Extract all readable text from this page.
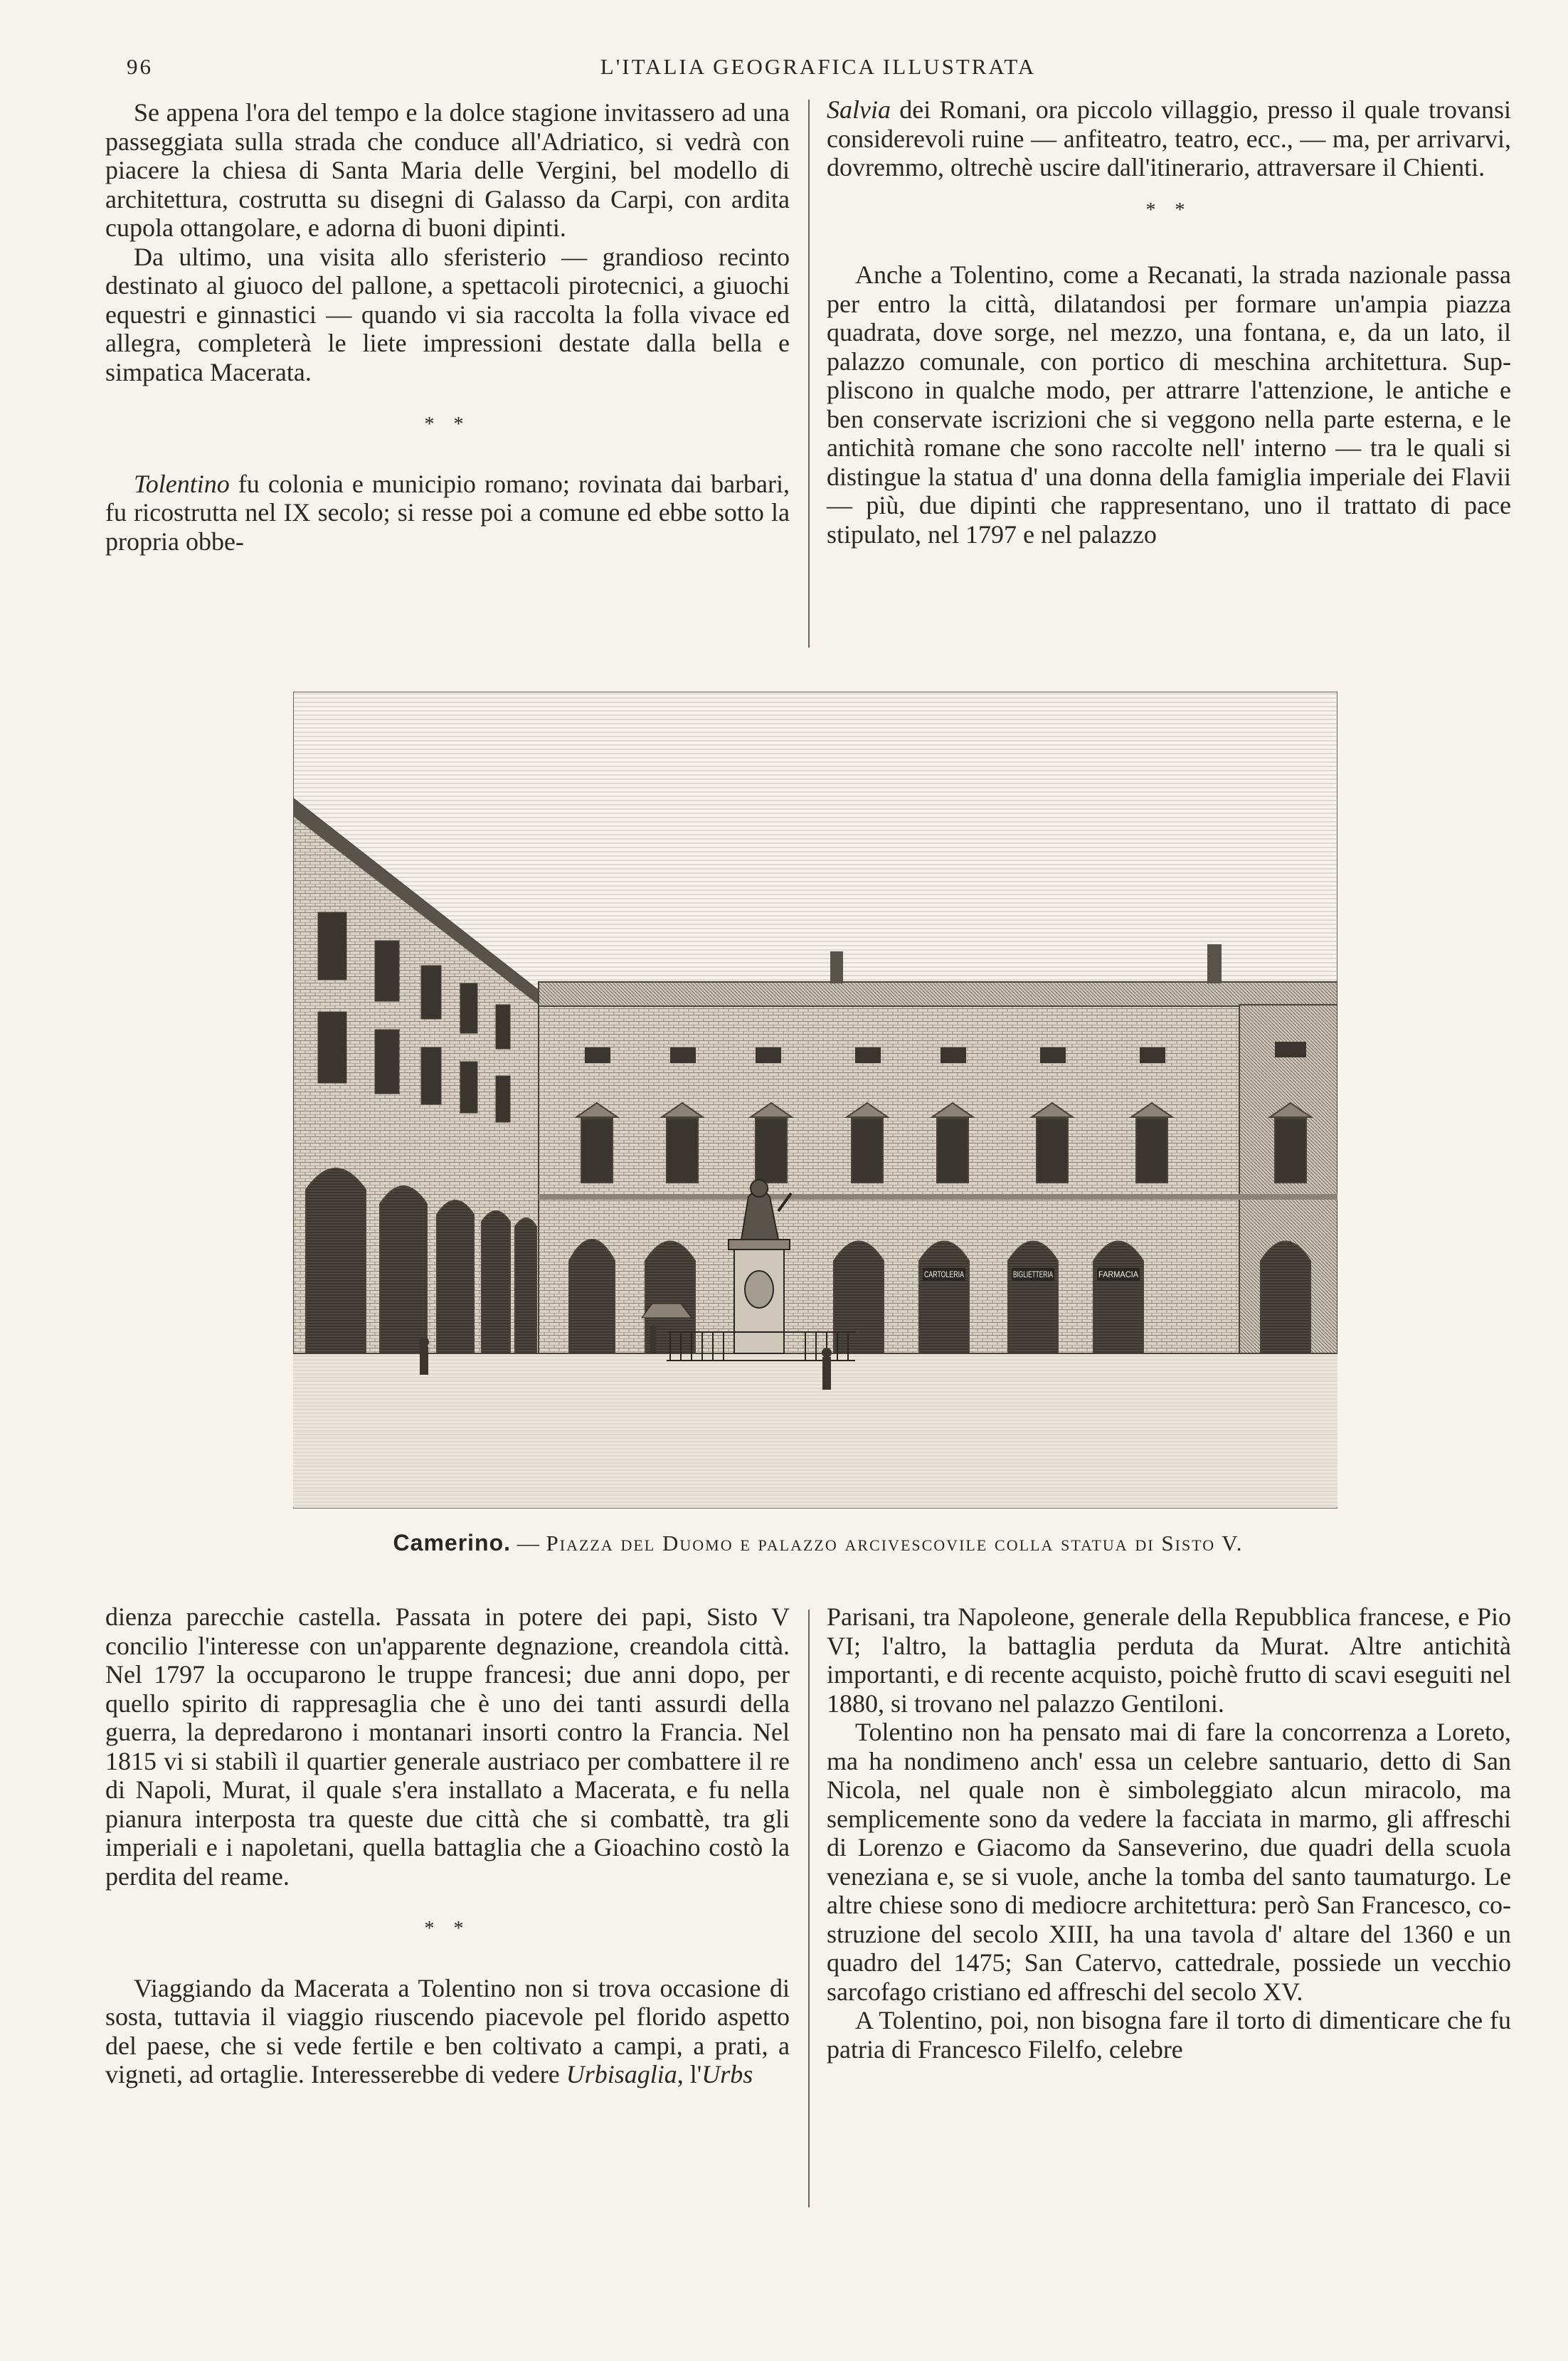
96	L'ITALIA GEOGRAFICA ILLUSTRATA

Se appena l'ora del tempo e la dolce stagione invitassero ad una passeggiata sulla strada che conduce all'Adriatico, si vedrà con piacere la chiesa di Santa Maria delle Vergini, bel modello di architettura, costrutta su disegni di Galasso da Carpi, con ardita cupola ottangolare, e adorna di buoni dipinti.

Da ultimo, una visita allo sferisterio — grandioso recinto destinato al giuoco del pallone, a spettacoli pirotecnici, a giuochi equestri e ginnastici — quando vi sia raccolta la folla vivace ed allegra, completerà le liete impressioni destate dalla bella e simpatica Macerata.

* *

Tolentino fu colonia e municipio romano; rovinata dai barbari, fu ricostrutta nel IX secolo; si resse poi a comune ed ebbe sotto la propria obbe-

Salvia dei Romani, ora piccolo villaggio, presso il quale trovansi considerevoli ruine — anfiteatro, teatro, ecc., — ma, per arrivarvi, dovremmo, oltrechè uscire dall'itinerario, attraversare il Chienti.

* *

Anche a Tolentino, come a Recanati, la strada nazionale passa per entro la città, dilatandosi per formare un'ampia piazza quadrata, dove sorge, nel mezzo, una fontana, e, da un lato, il palazzo comunale, con portico di meschina architettura. Suppliscono in qualche modo, per attrarre l'attenzione, le antiche e ben conservate iscrizioni che si veggono nella parte esterna, e le antichità romane che sono raccolte nell' interno — tra le quali si distingue la statua d' una donna della famiglia imperiale dei Flavii — più, due dipinti che rappresentano, uno il trattato di pace stipulato, nel 1797 e nel palazzo

CARTOLERIA	BIGLIETTERIA	FARMACIA
Camerino. — Piazza del Duomo e palazzo arcivescovile colla statua di Sisto V.

dienza parecchie castella. Passata in potere dei papi, Sisto V concilio l'interesse con un'apparente degnazione, creandola città. Nel 1797 la occuparono le truppe francesi; due anni dopo, per quello spirito di rappresaglia che è uno dei tanti assurdi della guerra, la depredarono i montanari insorti contro la Francia. Nel 1815 vi si stabilì il quartier generale austriaco per combattere il re di Napoli, Murat, il quale s'era installato a Macerata, e fu nella pianura interposta tra queste due città che si combattè, tra gli imperiali e i napoletani, quella battaglia che a Gioachino costò la perdita del reame.

* *

Viaggiando da Macerata a Tolentino non si trova occasione di sosta, tuttavia il viaggio riuscendo piacevole pel florido aspetto del paese, che si vede fertile e ben coltivato a campi, a prati, a vigneti, ad ortaglie. Interesserebbe di vedere Urbisaglia, l'Urbs

Parisani, tra Napoleone, generale della Repubblica francese, e Pio VI; l'altro, la battaglia perduta da Murat. Altre antichità importanti, e di recente acquisto, poichè frutto di scavi eseguiti nel 1880, si trovano nel palazzo Gentiloni.

Tolentino non ha pensato mai di fare la concorrenza a Loreto, ma ha nondimeno anch' essa un celebre santuario, detto di San Nicola, nel quale non è simboleggiato alcun miracolo, ma semplicemente sono da vedere la facciata in marmo, gli affreschi di Lorenzo e Giacomo da Sanseverino, due quadri della scuola veneziana e, se si vuole, anche la tomba del santo taumaturgo. Le altre chiese sono di mediocre architettura: però San Francesco, costruzione del secolo XIII, ha una tavola d' altare del 1360 e un quadro del 1475; San Catervo, cattedrale, possiede un vecchio sarcofago cristiano ed affreschi del secolo XV.

A Tolentino, poi, non bisogna fare il torto di dimenticare che fu patria di Francesco Filelfo, celebre
